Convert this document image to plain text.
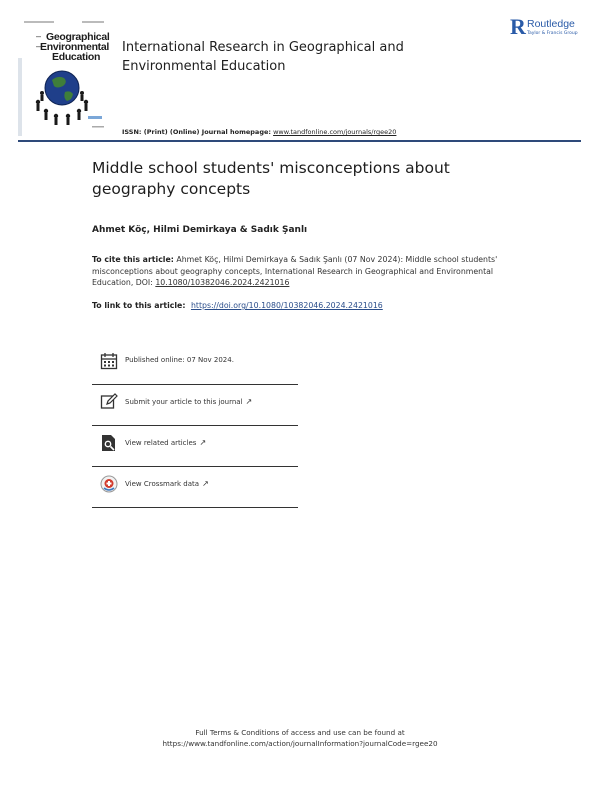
Geographical
Environmental
Education
R Routledge
Taylor & Francis Group
International Research in Geographical and Environmental Education
ISSN: (Print) (Online) Journal homepage: www.tandfonline.com/journals/rgee20
Middle school students' misconceptions about geography concepts
Ahmet Köç, Hilmi Demirkaya & Sadık Şanlı
To cite this article: Ahmet Köç, Hilmi Demirkaya & Sadık Şanlı (07 Nov 2024): Middle school students' misconceptions about geography concepts, International Research in Geographical and Environmental Education, DOI: 10.1080/10382046.2024.2421016
To link to this article: https://doi.org/10.1080/10382046.2024.2421016
Published online: 07 Nov 2024.
Submit your article to this journal ↗
View related articles ↗
View Crossmark data ↗
Full Terms & Conditions of access and use can be found at
https://www.tandfonline.com/action/journalInformation?journalCode=rgee20
